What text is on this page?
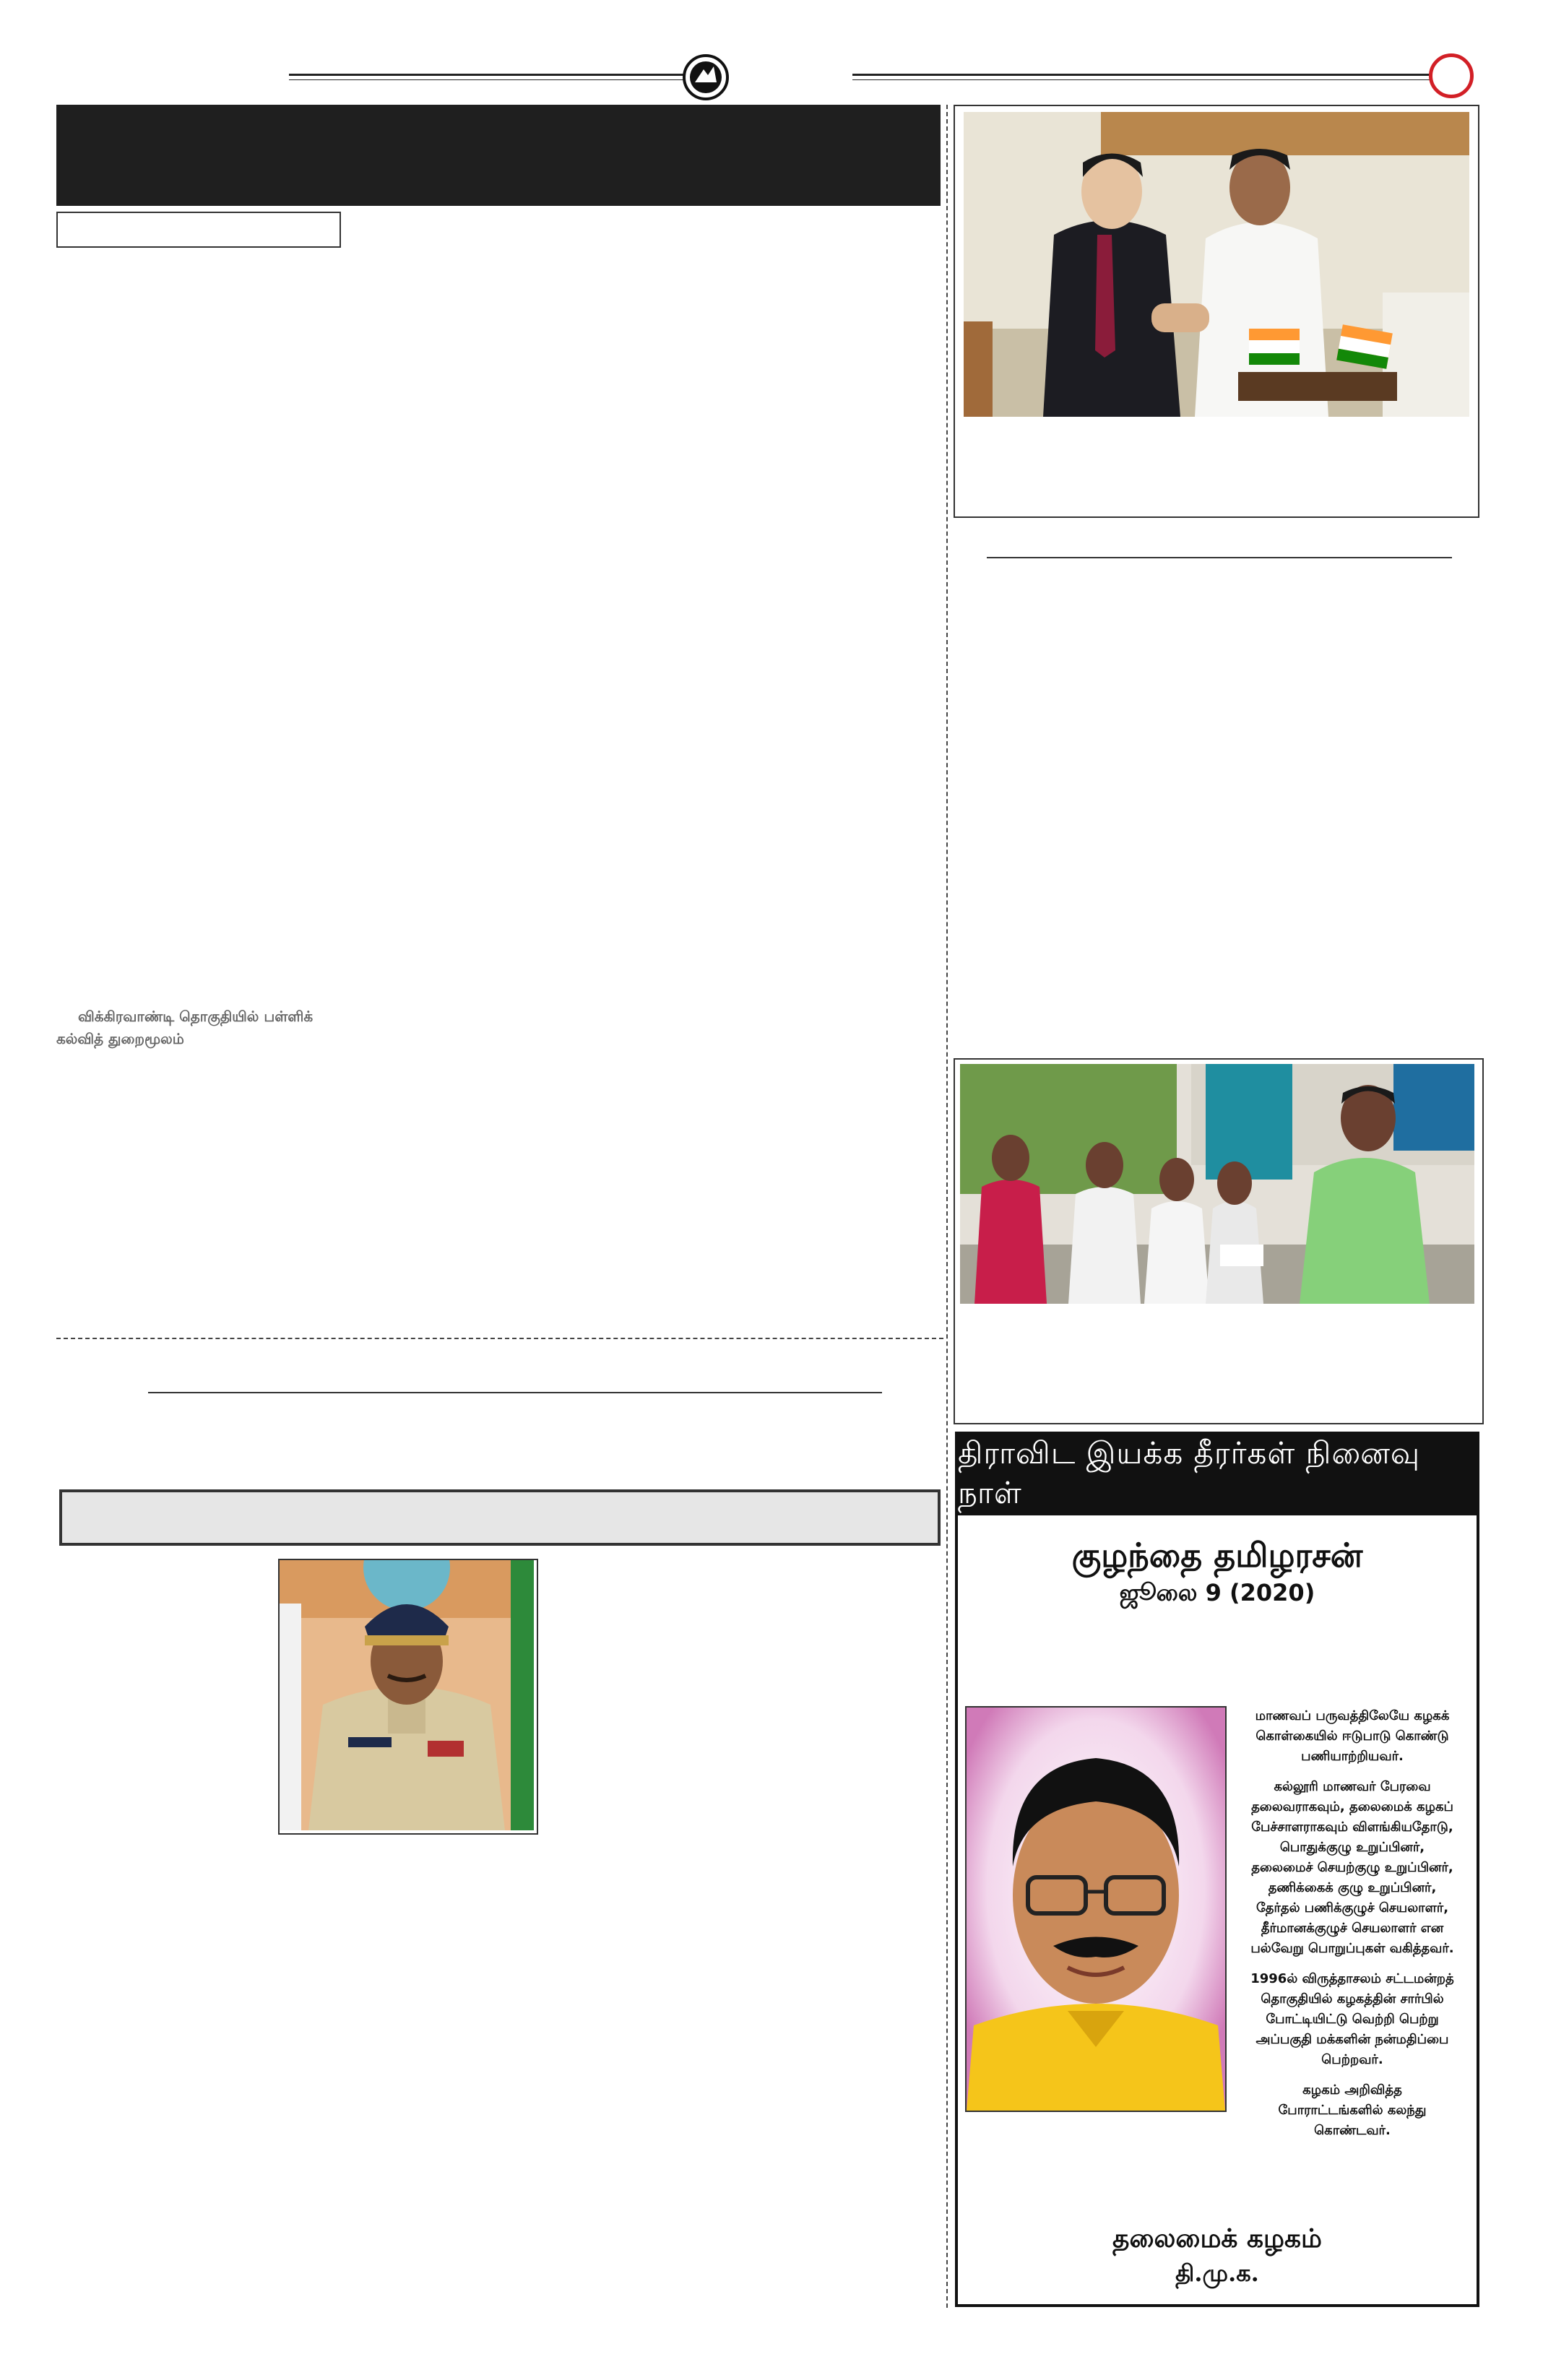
விக்கிரவாண்டி தொகுதியில் பள்ளிக்
கல்வித் துறைமூலம்
திராவிட இயக்க தீரர்கள் நினைவு நாள்
குழந்தை தமிழரசன்
ஜூலை 9 (2020)
மாணவப் பருவத்திலேயே கழகக்
கொள்கையில் ஈடுபாடு கொண்டு
பணியாற்றியவர்.
கல்லூரி மாணவர் பேரவை
தலைவராகவும், தலைமைக் கழகப்
பேச்சாளராகவும் விளங்கியதோடு,
பொதுக்குழு உறுப்பினர்,
தலைமைச் செயற்குழு உறுப்பினர்,
தணிக்கைக் குழு உறுப்பினர்,
தேர்தல் பணிக்குழுச் செயலாளர்,
தீர்மானக்குழுச் செயலாளர் என
பல்வேறு பொறுப்புகள் வகித்தவர்.
1996ல் விருத்தாசலம் சட்டமன்றத்
தொகுதியில் கழகத்தின் சார்பில்
போட்டியிட்டு வெற்றி பெற்று
அப்பகுதி மக்களின் நன்மதிப்பை
பெற்றவர்.
கழகம் அறிவித்த
போராட்டங்களில் கலந்து
கொண்டவர்.
தலைமைக் கழகம்
தி.மு.க.
